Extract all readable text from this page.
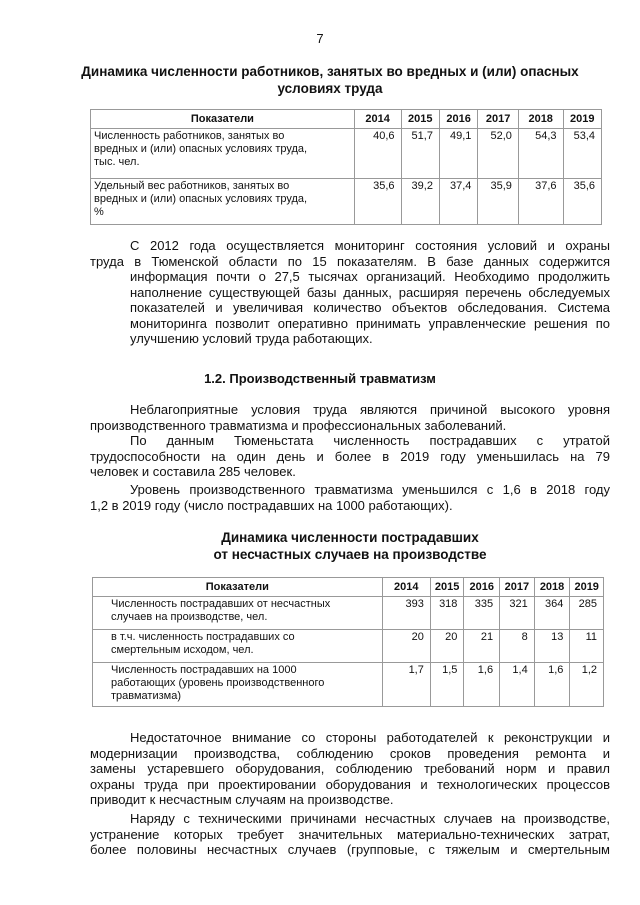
7
Динамика численности работников, занятых во вредных и (или) опасных
условиях труда
Показатели	2014	2015	2016	2017	2018	2019
Численность работников, занятых во
вредных и (или) опасных условиях труда,
тыс. чел.	40,6	51,7	49,1	52,0	54,3	53,4
Удельный вес работников, занятых во
вредных и (или) опасных условиях труда,
%	35,6	39,2	37,4	35,9	37,6	35,6
С 2012 года осуществляется мониторинг состояния условий и охраны
труда в Тюменской области по 15 показателям. В базе данных содержится
информация почти о 27,5 тысячах организаций. Необходимо продолжить
наполнение существующей базы данных, расширяя перечень обследуемых
показателей и увеличивая количество объектов обследования. Система
мониторинга позволит оперативно принимать управленческие решения по
улучшению условий труда работающих.
1.2. Производственный травматизм
Неблагоприятные условия труда являются причиной высокого уровня
производственного травматизма и профессиональных заболеваний.
По данным Тюменьстата численность пострадавших с утратой
трудоспособности на один день и более в 2019 году уменьшилась на 79
человек и составила 285 человек.
Уровень производственного травматизма уменьшился с 1,6 в 2018 году
1,2 в 2019 году (число пострадавших на 1000 работающих).
Динамика численности пострадавших
от несчастных случаев на производстве
Показатели	2014	2015	2016	2017	2018	2019
Численность пострадавших от несчастных
случаев на производстве, чел.	393	318	335	321	364	285
в т.ч. численность пострадавших со
смертельным исходом, чел.	20	20	21	8	13	11
Численность пострадавших на 1000
работающих (уровень производственного
травматизма)	1,7	1,5	1,6	1,4	1,6	1,2
Недостаточное внимание со стороны работодателей к реконструкции и
модернизации производства, соблюдению сроков проведения ремонта и
замены устаревшего оборудования, соблюдению требований норм и правил
охраны труда при проектировании оборудования и технологических процессов
приводит к несчастным случаям на производстве.
Наряду с техническими причинами несчастных случаев на производстве,
устранение которых требует значительных материально-технических затрат,
более половины несчастных случаев (групповые, с тяжелым и смертельным
